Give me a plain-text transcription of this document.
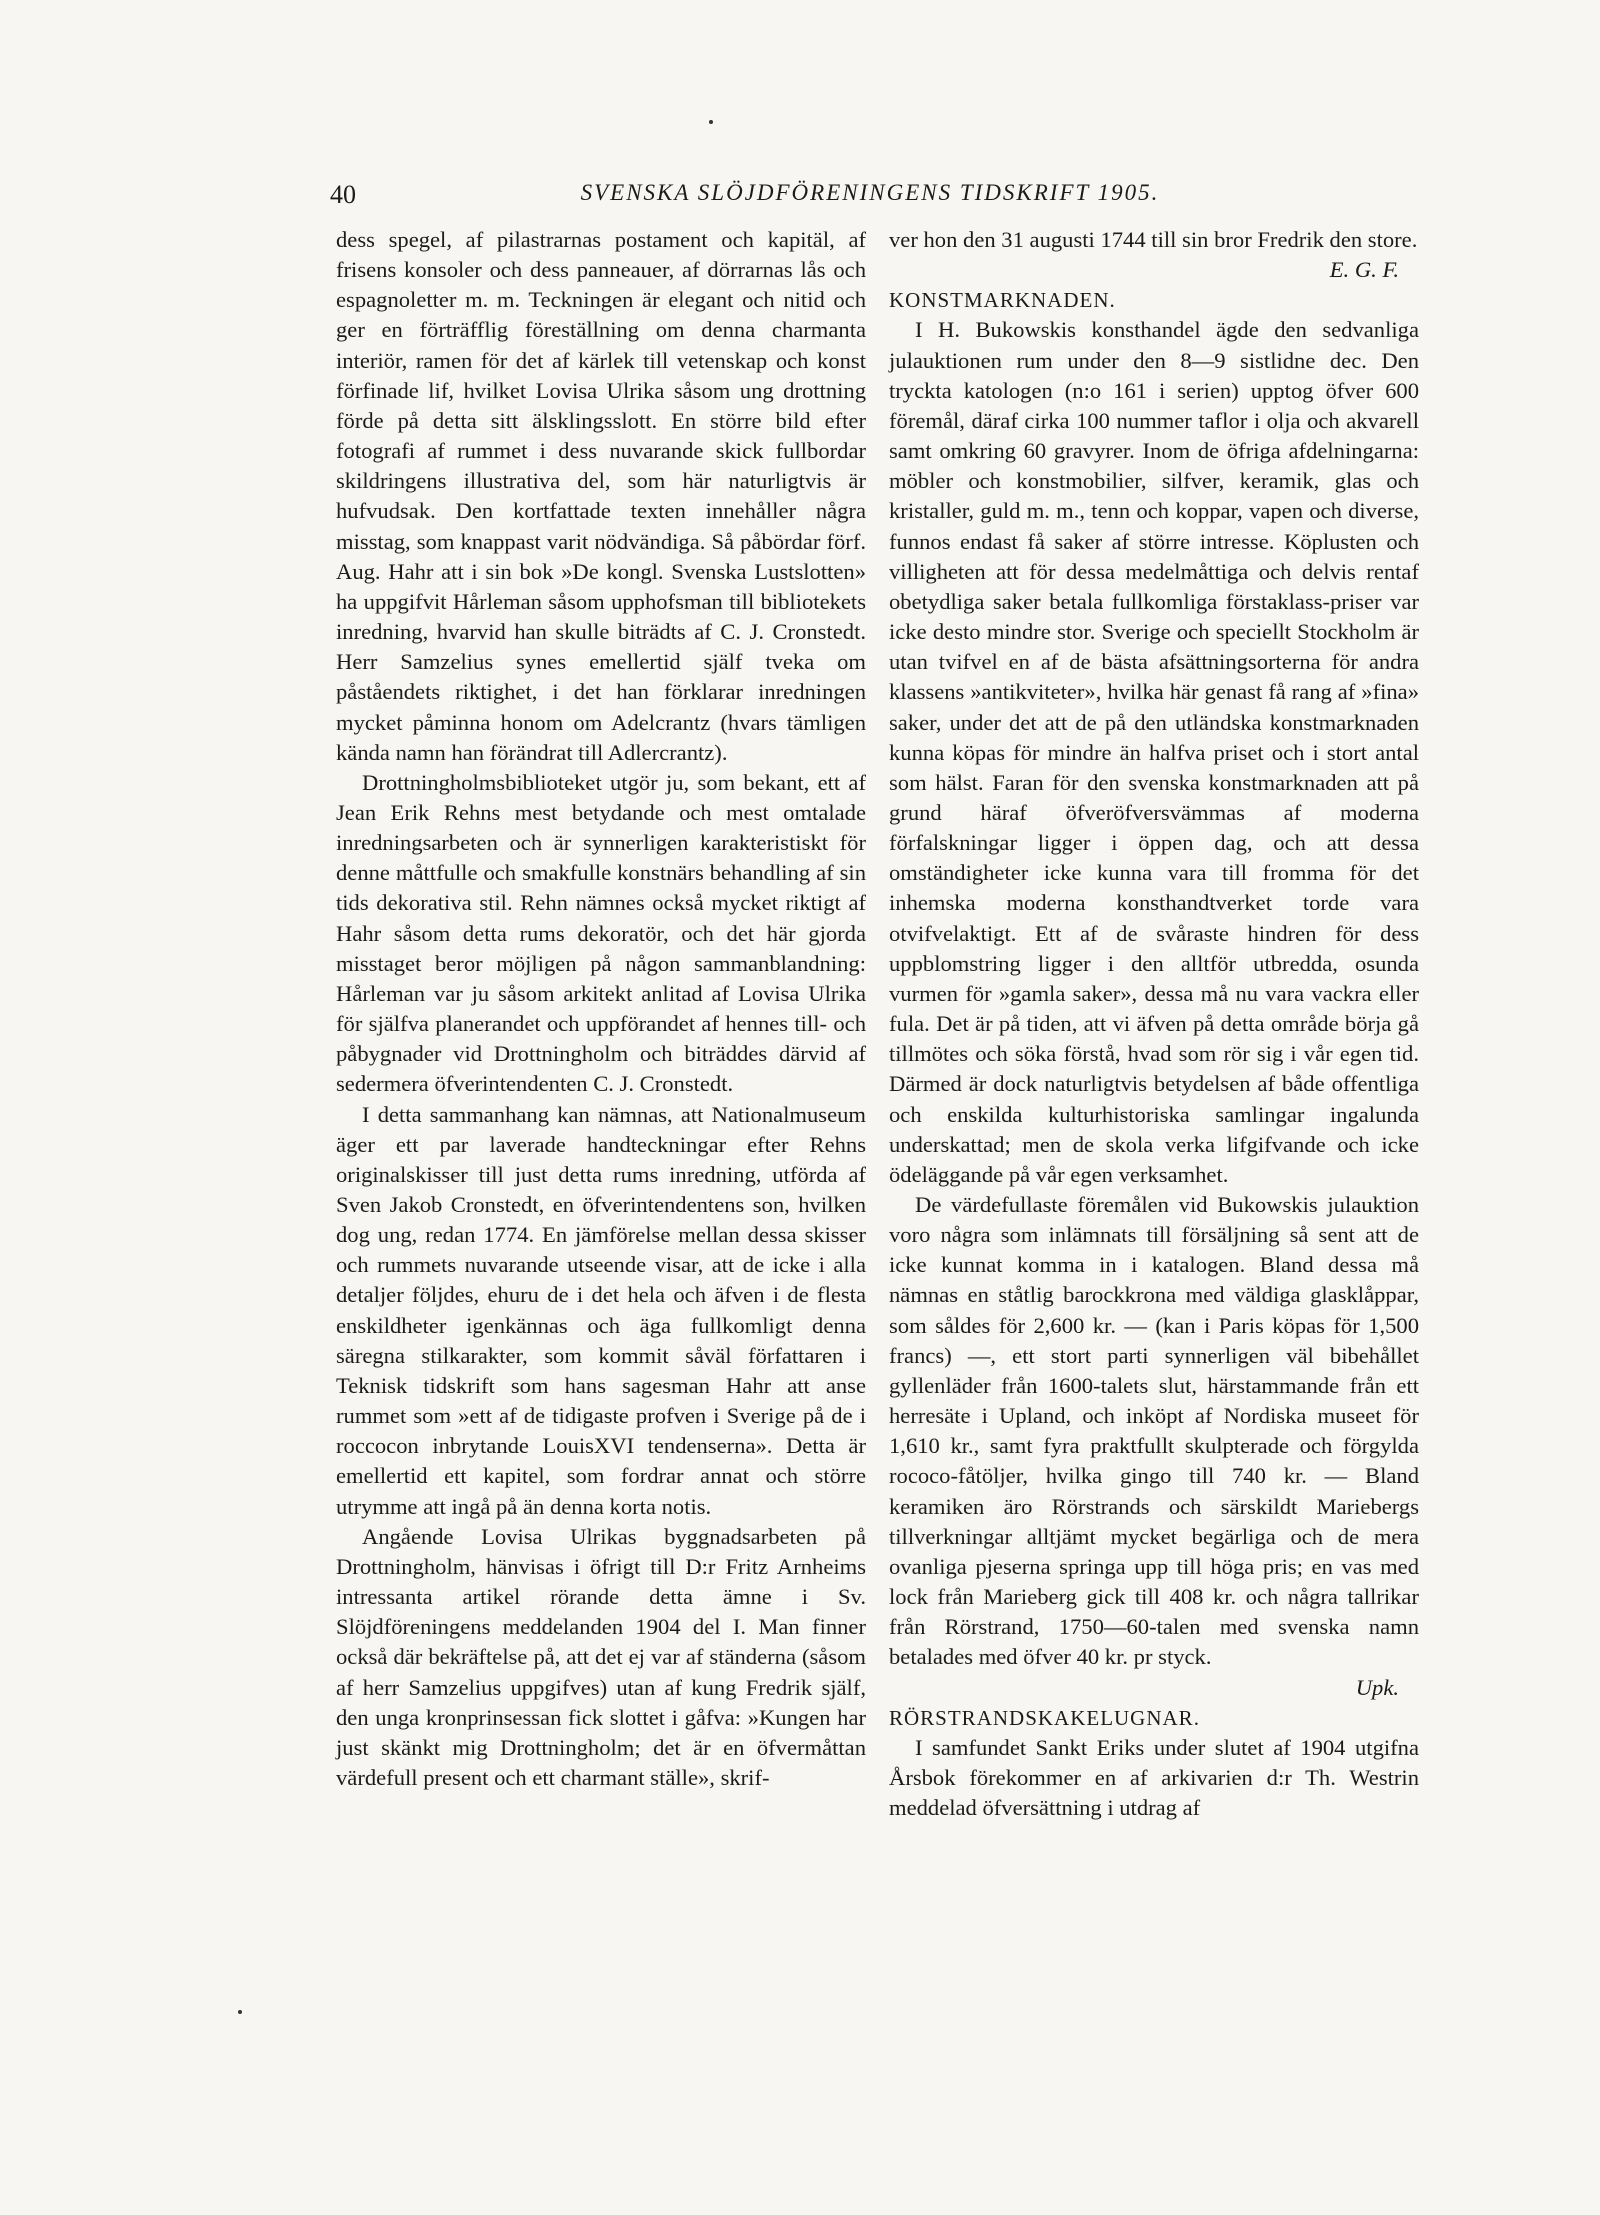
40	SVENSKA SLÖJDFÖRENINGENS TIDSKRIFT 1905.

dess spegel, af pilastrarnas postament och kapitäl, af frisens konsoler och dess panneauer, af dörrarnas lås och espagnoletter m. m. Teckningen är elegant och nitid och ger en förträfflig föreställning om denna charmanta interiör, ramen för det af kärlek till vetenskap och konst förfinade lif, hvilket Lovisa Ulrika såsom ung drottning förde på detta sitt älsklingsslott. En större bild efter fotografi af rummet i dess nuvarande skick fullbordar skildringens illustrativa del, som här naturligtvis är hufvudsak. Den kortfattade texten innehåller några misstag, som knappast varit nödvändiga. Så påbördar förf. Aug. Hahr att i sin bok »De kongl. Svenska Lustslotten» ha uppgifvit Hårleman såsom upphofsman till bibliotekets inredning, hvarvid han skulle biträdts af C. J. Cronstedt. Herr Samzelius synes emellertid själf tveka om påståendets riktighet, i det han förklarar inredningen mycket påminna honom om Adelcrantz (hvars tämligen kända namn han förändrat till Adlercrantz).

Drottningholmsbiblioteket utgör ju, som bekant, ett af Jean Erik Rehns mest betydande och mest omtalade inredningsarbeten och är synnerligen karakteristiskt för denne måttfulle och smakfulle konstnärs behandling af sin tids dekorativa stil. Rehn nämnes också mycket riktigt af Hahr såsom detta rums dekoratör, och det här gjorda misstaget beror möjligen på någon sammanblandning: Hårleman var ju såsom arkitekt anlitad af Lovisa Ulrika för själfva planerandet och uppförandet af hennes till- och påbygnader vid Drottningholm och biträddes därvid af sedermera öfverintendenten C. J. Cronstedt.

I detta sammanhang kan nämnas, att Nationalmuseum äger ett par laverade handteckningar efter Rehns originalskisser till just detta rums inredning, utförda af Sven Jakob Cronstedt, en öfverintendentens son, hvilken dog ung, redan 1774. En jämförelse mellan dessa skisser och rummets nuvarande utseende visar, att de icke i alla detaljer följdes, ehuru de i det hela och äfven i de flesta enskildheter igenkännas och äga fullkomligt denna säregna stilkarakter, som kommit såväl författaren i Teknisk tidskrift som hans sagesman Hahr att anse rummet som »ett af de tidigaste profven i Sverige på de i roccocon inbrytande LouisXVI tendenserna». Detta är emellertid ett kapitel, som fordrar annat och större utrymme att ingå på än denna korta notis.

Angående Lovisa Ulrikas byggnadsarbeten på Drottningholm, hänvisas i öfrigt till D:r Fritz Arnheims intressanta artikel rörande detta ämne i Sv. Slöjdföreningens meddelanden 1904 del I. Man finner också där bekräftelse på, att det ej var af ständerna (såsom af herr Samzelius uppgifves) utan af kung Fredrik själf, den unga kronprinsessan fick slottet i gåfva: »Kungen har just skänkt mig Drottningholm; det är en öfvermåttan värdefull present och ett charmant ställe», skrif-

ver hon den 31 augusti 1744 till sin bror Fredrik den store.

E. G. F.
KONSTMARKNADEN.

I H. Bukowskis konsthandel ägde den sedvanliga julauktionen rum under den 8—9 sistlidne dec. Den tryckta katologen (n:o 161 i serien) upptog öfver 600 föremål, däraf cirka 100 nummer taflor i olja och akvarell samt omkring 60 gravyrer. Inom de öfriga afdelningarna: möbler och konstmobilier, silfver, keramik, glas och kristaller, guld m. m., tenn och koppar, vapen och diverse, funnos endast få saker af större intresse. Köplusten och villigheten att för dessa medelmåttiga och delvis rentaf obetydliga saker betala fullkomliga förstaklass-priser var icke desto mindre stor. Sverige och speciellt Stockholm är utan tvifvel en af de bästa afsättningsorterna för andra klassens »antikviteter», hvilka här genast få rang af »fina» saker, under det att de på den utländska konstmarknaden kunna köpas för mindre än halfva priset och i stort antal som hälst. Faran för den svenska konstmarknaden att på grund häraf öfveröfversvämmas af moderna förfalskningar ligger i öppen dag, och att dessa omständigheter icke kunna vara till fromma för det inhemska moderna konsthandtverket torde vara otvifvelaktigt. Ett af de svåraste hindren för dess uppblomstring ligger i den alltför utbredda, osunda vurmen för »gamla saker», dessa må nu vara vackra eller fula. Det är på tiden, att vi äfven på detta område börja gå tillmötes och söka förstå, hvad som rör sig i vår egen tid. Därmed är dock naturligtvis betydelsen af både offentliga och enskilda kulturhistoriska samlingar ingalunda underskattad; men de skola verka lifgifvande och icke ödeläggande på vår egen verksamhet.

De värdefullaste föremålen vid Bukowskis julauktion voro några som inlämnats till försäljning så sent att de icke kunnat komma in i katalogen. Bland dessa må nämnas en ståtlig barockkrona med väldiga glasklåppar, som såldes för 2,600 kr. — (kan i Paris köpas för 1,500 francs) —, ett stort parti synnerligen väl bibehållet gyllenläder från 1600-talets slut, härstammande från ett herresäte i Upland, och inköpt af Nordiska museet för 1,610 kr., samt fyra praktfullt skulpterade och förgylda rococo-fåtöljer, hvilka gingo till 740 kr. — Bland keramiken äro Rörstrands och särskildt Mariebergs tillverkningar alltjämt mycket begärliga och de mera ovanliga pjeserna springa upp till höga pris; en vas med lock från Marieberg gick till 408 kr. och några tallrikar från Rörstrand, 1750—60-talen med svenska namn betalades med öfver 40 kr. pr styck.

Upk.
RÖRSTRANDSKAKELUGNAR.

I samfundet Sankt Eriks under slutet af 1904 utgifna Årsbok förekommer en af arkivarien d:r Th. Westrin meddelad öfversättning i utdrag af
